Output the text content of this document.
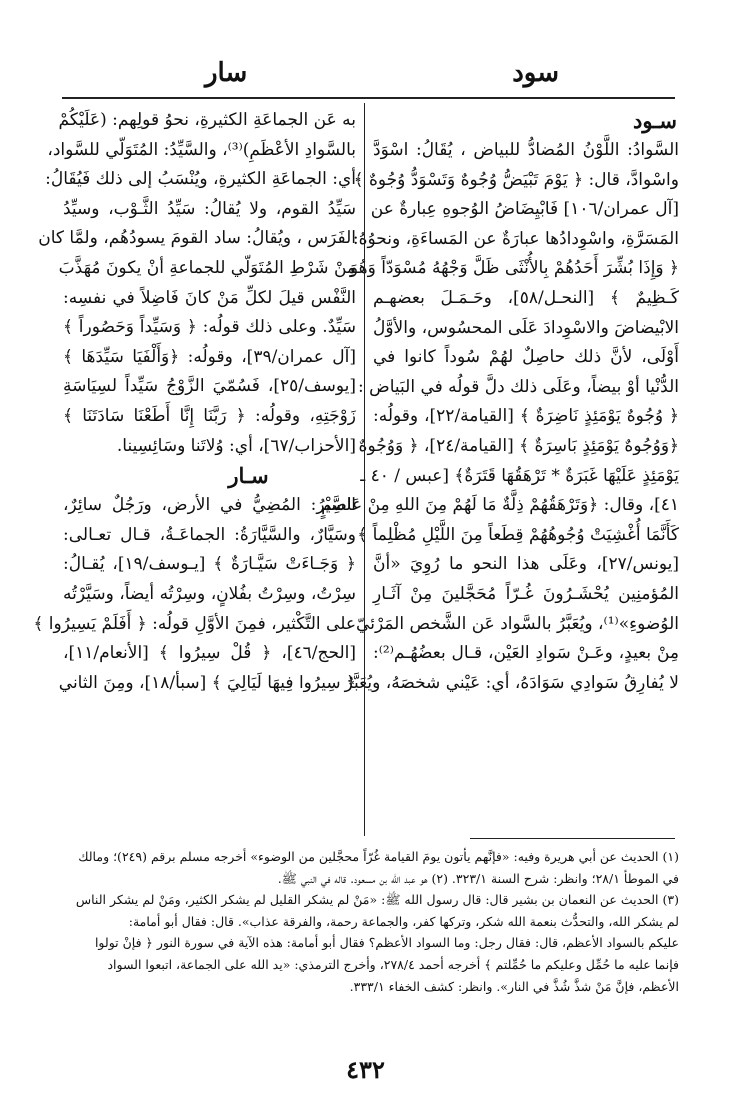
سود
سار
سـود
السَّوادُ: اللَّوْنُ المُضادُّ للبياض ، يُقَالُ: اسْوَدَّ
واسْوادَّ، قال: ﴿ يَوْمَ تَبْيَضُّ وُجُوهٌ وَتَسْوَدُّ وُجُوهٌ ﴾
[آل عمران/١٠٦] فَابْيِضَاضُ الوُجوهِ عِبارةٌ عن
المَسَرَّةِ، واسْوِدادُها عبارَةٌ عن المَساءَةِ، ونحوُهُ:
﴿ وَإِذَا بُشِّرَ أَحَدُهُمْ بِالأُنْثَى ظَلَّ وَجْهُهُ مُسْوَدّاً وَهُوَ
كَـظِيمٌ ﴾ [النحـل/٥٨]، وحَـمَـلَ بعضهـم
الابْيضاضَ والاسْوِدادَ عَلَى المحسُوس، والأوَّلُ
أَوْلَى، لأنَّ ذلك حاصِلٌ لهُمْ سُوداً كانوا في
الدُّنْيا أوْ بيضاً، وعَلَى ذلك دلَّ قولُه في البَياض :
﴿ وُجُوهٌ يَوْمَئِذٍ نَاضِرَةٌ ﴾ [القيامة/٢٢]، وقولُه:
﴿وَوُجُوهٌ يَوْمَئِذٍ بَاسِرَةٌ ﴾ [القيامة/٢٤]، ﴿ وَوُجُوهٌ
يَوْمَئِذٍ عَلَيْهَا غَبَرَةٌ * تَرْهَقُهَا قَتَرَةٌ﴾ [عبس / ٤٠ ـ
٤١]، وقال: ﴿وَتَرْهَقُهُمْ ذِلَّةٌ مَا لَهُمْ مِنَ اللهِ مِنْ عَاصِمٍ
كَأَنَّمَا أُغْشِيَتْ وُجُوهُهُمْ قِطَعاً مِنَ اللَّيْلِ مُظْلِماً ﴾
[يونس/٢٧]، وعَلَى هذا النحو ما رُوِيَ «أنَّ
المُؤمنِين يُحْشَـرُونَ غُـرّاً مُحَجَّلينَ مِنْ آثَـارِ
الوُضوءِ»⁽¹⁾، ويُعَبَّرُ بالسَّواد عَن الشَّخص المَرْئيّ
مِنْ بعيدٍ، وعَـنْ سَوادِ العَيْن، قـال بعضُهُـم⁽²⁾:
لا يُفارِقُ سَوادِي سَوَادَهُ، أي: عَيْني شخصَهُ، ويُعَبَّرُ
به عَن الجماعَةِ الكثيرةِ، نحوُ قولِهم: (عَلَيْكُمْ
بالسَّوادِ الأعْظَمِ)⁽³⁾، والسَّيِّدُ: المُتَوَلّي للسَّواد،
أي: الجماعَةِ الكثيرةِ، ويُنْسَبُ إلى ذلك فَيُقَالُ:
سَيِّدُ القوم، ولا يُقالُ: سَيِّدُ الثَّـوْب، وسيِّدُ
الفَرَس ، ويُقالُ: ساد القومَ يسودُهُم، ولمَّا كان
مِنْ شَرْطِ المُتَوَلّي للجماعةِ أنْ يكونَ مُهَذَّبَ
النَّفْس قيلَ لكلِّ مَنْ كانَ فَاضِلاً في نفسِه:
سَيِّدٌ. وعلى ذلك قولُه: ﴿ وَسَيِّداً وَحَصُوراً ﴾
[آل عمران/٣٩]، وقولُه: ﴿وَأَلْفَيَا سَيِّدَهَا ﴾
[يوسف/٢٥]، فَسُمّيَ الزَّوْجُ سَيِّداً لسِيَاسَةِ
زَوْجَتِهِ، وقولُه: ﴿ رَبَّنَا إِنَّا أَطَعْنَا سَادَتَنَا ﴾
[الأحزاب/٦٧]، أي: وُلاتَنا وسَائِسِينا.
سـار
السَّيْرُ: المُضِيُّ في الأرض، ورَجُلٌ سائِرٌ،
وسَيَّارٌ، والسَّيَّارَةُ: الجماعَـةُ، قـال تعـالى:
﴿ وَجَـاءَتْ سَيَّـارَةٌ ﴾ [يـوسف/١٩]، يُقـالُ:
سِرْتُ، وسِرْتُ بفُلانٍ، وسِرْتُه أيضاً، وسَيَّرْتُه
على التَّكْثير، فمِنَ الأوَّلِ قولُه: ﴿ أَفَلَمْ يَسِيرُوا ﴾
[الحج/٤٦]، ﴿ قُلْ سِيرُوا ﴾ [الأنعام/١١]،
﴿ سِيرُوا فِيهَا لَيَالِيَ ﴾ [سبأ/١٨]، ومِنَ الثاني
(١) الحديث عن أبي هريرة وفيه: «فإنَّهم يأتون يومَ القيامة غُرّاً محجَّلين من الوضوء» أخرجه مسلم برقم (٢٤٩)؛ ومالك
في الموطأ ٢٨/١؛ وانظر: شرح السنة ٣٢٣/١. (٢) هو عبد الله بن مسعود. قاله في النبي ﷺ.
(٣) الحديث عن النعمان بن بشير قال: قال رسول الله ﷺ: «مَنْ لم يشكر القليل لم يشكر الكثير، ومَنْ لم يشكر الناس
لم يشكر الله، والتحدُّث بنعمة الله شكر، وتركها كفر، والجماعة رحمة، والفرقة عذاب». قال: فقال أبو أمامة:
عليكم بالسواد الأعظم، قال: فقال رجل: وما السواد الأعظم؟ فقال أبو أمامة: هذه الآية في سورة النور ﴿ فإنْ تولوا
فإنما عليه ما حُمِّل وعليكم ما حُمِّلتم ﴾ أخرجه أحمد ٢٧٨/٤، وأخرج الترمذي: «يد الله على الجماعة، اتبعوا السواد
الأعظم، فإنَّ مَنْ شذَّ شُذَّ في النار». وانظر: كشف الخفاء ٣٣٣/١.
٤٣٢
